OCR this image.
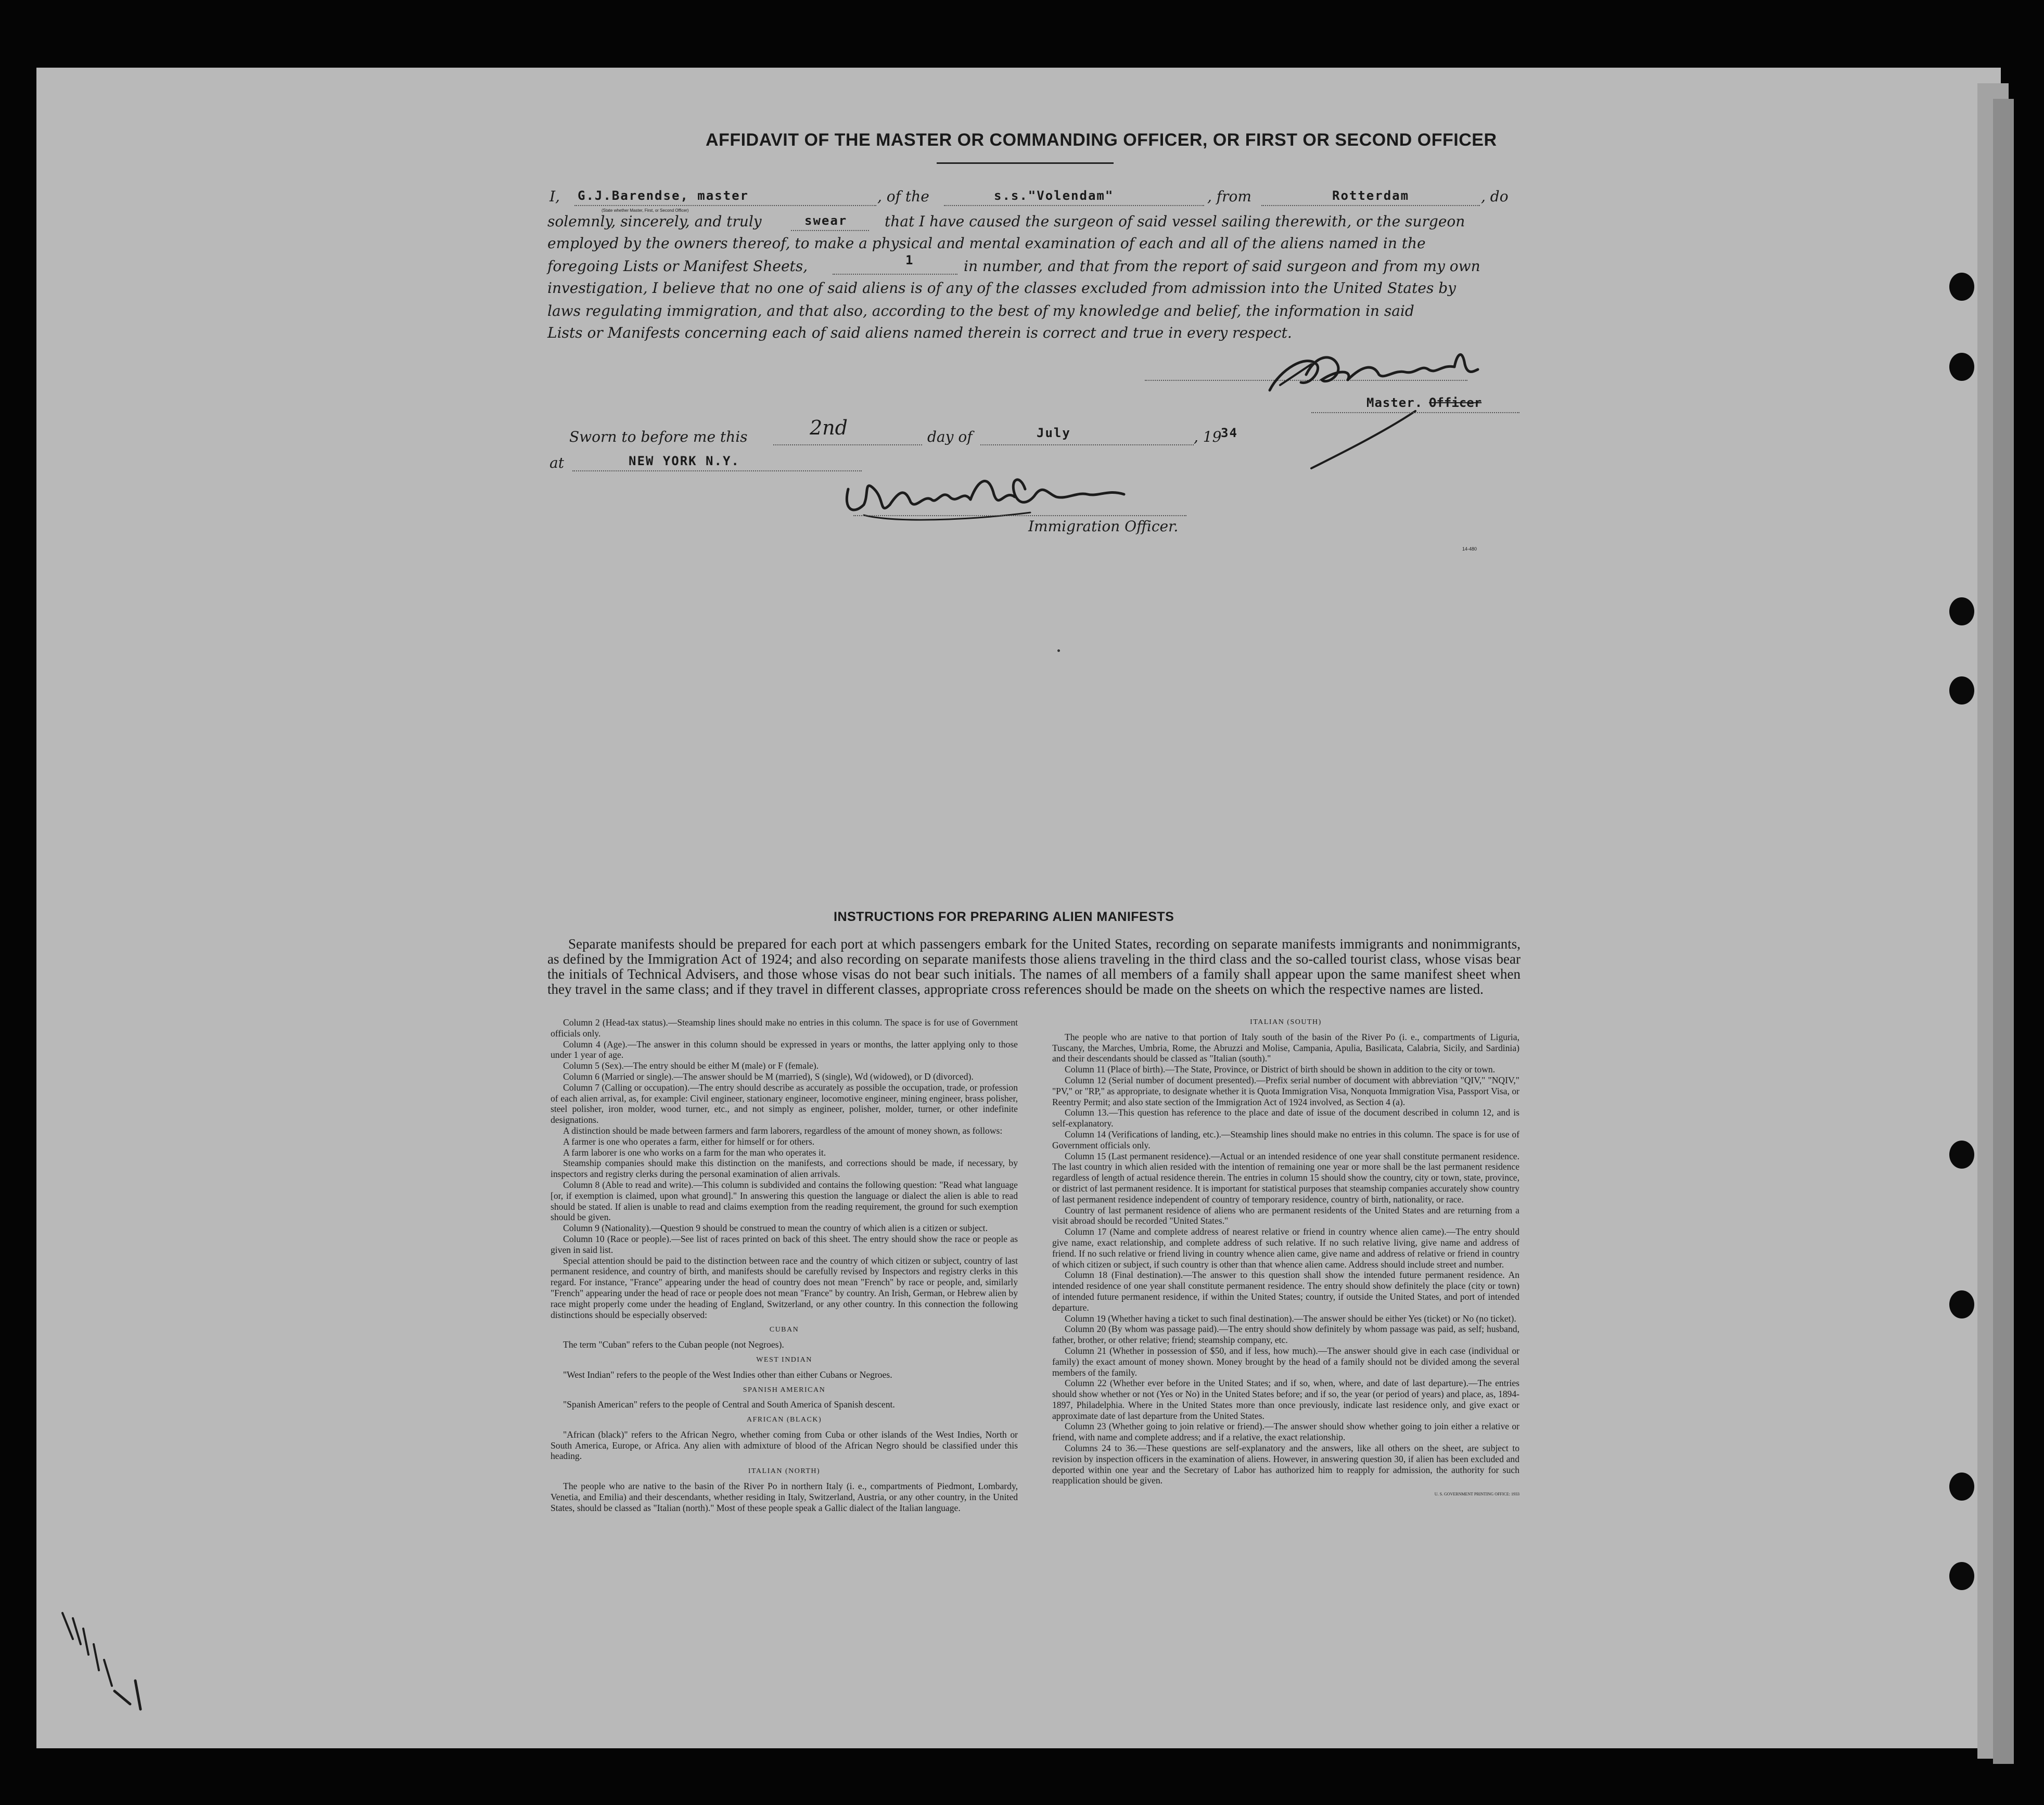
AFFIDAVIT OF THE MASTER OR COMMANDING OFFICER, OR FIRST OR SECOND OFFICER
I, G.J.Barendse, master
(State whether Master, First, or Second Officer)
, of the	s.s."Volendam"	, from	Rotterdam	, do
solemnly, sincerely, and truly	swear	that I have caused the surgeon of said vessel sailing therewith, or the surgeon
employed by the owners thereof, to make a physical and mental examination of each and all of the aliens named in the
foregoing Lists or Manifest Sheets,	1	in number, and that from the report of said surgeon and from my own
investigation, I believe that no one of said aliens is of any of the classes excluded from admission into the United States by
laws regulating immigration, and that also, according to the best of my knowledge and belief, the information in said
Lists or Manifests concerning each of said aliens named therein is correct and true in every respect.
Master. Officer
Sworn to before me this	2nd	day of	July	, 19
34
at	NEW YORK N.Y.
Immigration Officer.
14-480
INSTRUCTIONS FOR PREPARING ALIEN MANIFESTS
Separate manifests should be prepared for each port at which passengers embark for the United States, recording on separate manifests immigrants and nonimmigrants, as defined by the Immigration Act of 1924; and also recording on separate manifests those aliens traveling in the third class and the so-called tourist class, whose visas bear the initials of Technical Advisers, and those whose visas do not bear such initials. The names of all members of a family shall appear upon the same manifest sheet when they travel in the same class; and if they travel in different classes, appropriate cross references should be made on the sheets on which the respective names are listed.

Column 2 (Head-tax status).—Steamship lines should make no entries in this column. The space is for use of Government officials only.

Column 4 (Age).—The answer in this column should be expressed in years or months, the latter applying only to those under 1 year of age.

Column 5 (Sex).—The entry should be either M (male) or F (female).

Column 6 (Married or single).—The answer should be M (married), S (single), Wd (widowed), or D (divorced).

Column 7 (Calling or occupation).—The entry should describe as accurately as possible the occupation, trade, or profession of each alien arrival, as, for example: Civil engineer, stationary engineer, locomotive engineer, mining engineer, brass polisher, steel polisher, iron molder, wood turner, etc., and not simply as engineer, polisher, molder, turner, or other indefinite designations.

A distinction should be made between farmers and farm laborers, regardless of the amount of money shown, as follows:

A farmer is one who operates a farm, either for himself or for others.

A farm laborer is one who works on a farm for the man who operates it.

Steamship companies should make this distinction on the manifests, and corrections should be made, if necessary, by inspectors and registry clerks during the personal examination of alien arrivals.

Column 8 (Able to read and write).—This column is subdivided and contains the following question: "Read what language [or, if exemption is claimed, upon what ground]." In answering this question the language or dialect the alien is able to read should be stated. If alien is unable to read and claims exemption from the reading requirement, the ground for such exemption should be given.

Column 9 (Nationality).—Question 9 should be construed to mean the country of which alien is a citizen or subject.

Column 10 (Race or people).—See list of races printed on back of this sheet. The entry should show the race or people as given in said list.

Special attention should be paid to the distinction between race and the country of which citizen or subject, country of last permanent residence, and country of birth, and manifests should be carefully revised by Inspectors and registry clerks in this regard. For instance, "France" appearing under the head of country does not mean "French" by race or people, and, similarly "French" appearing under the head of race or people does not mean "France" by country. An Irish, German, or Hebrew alien by race might properly come under the heading of England, Switzerland, or any other country. In this connection the following distinctions should be especially observed:

CUBAN

The term "Cuban" refers to the Cuban people (not Negroes).

WEST INDIAN

"West Indian" refers to the people of the West Indies other than either Cubans or Negroes.

SPANISH AMERICAN

"Spanish American" refers to the people of Central and South America of Spanish descent.

AFRICAN (BLACK)

"African (black)" refers to the African Negro, whether coming from Cuba or other islands of the West Indies, North or South America, Europe, or Africa. Any alien with admixture of blood of the African Negro should be classified under this heading.

ITALIAN (NORTH)

The people who are native to the basin of the River Po in northern Italy (i. e., compartments of Piedmont, Lombardy, Venetia, and Emilia) and their descendants, whether residing in Italy, Switzerland, Austria, or any other country, in the United States, should be classed as "Italian (north)." Most of these people speak a Gallic dialect of the Italian language.

ITALIAN (SOUTH)

The people who are native to that portion of Italy south of the basin of the River Po (i. e., compartments of Liguria, Tuscany, the Marches, Umbria, Rome, the Abruzzi and Molise, Campania, Apulia, Basilicata, Calabria, Sicily, and Sardinia) and their descendants should be classed as "Italian (south)."

Column 11 (Place of birth).—The State, Province, or District of birth should be shown in addition to the city or town.

Column 12 (Serial number of document presented).—Prefix serial number of document with abbreviation "QIV," "NQIV," "PV," or "RP," as appropriate, to designate whether it is Quota Immigration Visa, Nonquota Immigration Visa, Passport Visa, or Reentry Permit; and also state section of the Immigration Act of 1924 involved, as Section 4 (a).

Column 13.—This question has reference to the place and date of issue of the document described in column 12, and is self-explanatory.

Column 14 (Verifications of landing, etc.).—Steamship lines should make no entries in this column. The space is for use of Government officials only.

Column 15 (Last permanent residence).—Actual or an intended residence of one year shall constitute permanent residence. The last country in which alien resided with the intention of remaining one year or more shall be the last permanent residence regardless of length of actual residence therein. The entries in column 15 should show the country, city or town, state, province, or district of last permanent residence. It is important for statistical purposes that steamship companies accurately show country of last permanent residence independent of country of temporary residence, country of birth, nationality, or race.

Country of last permanent residence of aliens who are permanent residents of the United States and are returning from a visit abroad should be recorded "United States."

Column 17 (Name and complete address of nearest relative or friend in country whence alien came).—The entry should give name, exact relationship, and complete address of such relative. If no such relative living, give name and address of friend. If no such relative or friend living in country whence alien came, give name and address of relative or friend in country of which citizen or subject, if such country is other than that whence alien came. Address should include street and number.

Column 18 (Final destination).—The answer to this question shall show the intended future permanent residence. An intended residence of one year shall constitute permanent residence. The entry should show definitely the place (city or town) of intended future permanent residence, if within the United States; country, if outside the United States, and port of intended departure.

Column 19 (Whether having a ticket to such final destination).—The answer should be either Yes (ticket) or No (no ticket).

Column 20 (By whom was passage paid).—The entry should show definitely by whom passage was paid, as self; husband, father, brother, or other relative; friend; steamship company, etc.

Column 21 (Whether in possession of $50, and if less, how much).—The answer should give in each case (individual or family) the exact amount of money shown. Money brought by the head of a family should not be divided among the several members of the family.

Column 22 (Whether ever before in the United States; and if so, when, where, and date of last departure).—The entries should show whether or not (Yes or No) in the United States before; and if so, the year (or period of years) and place, as, 1894-1897, Philadelphia. Where in the United States more than once previously, indicate last residence only, and give exact or approximate date of last departure from the United States.

Column 23 (Whether going to join relative or friend).—The answer should show whether going to join either a relative or friend, with name and complete address; and if a relative, the exact relationship.

Columns 24 to 36.—These questions are self-explanatory and the answers, like all others on the sheet, are subject to revision by inspection officers in the examination of aliens. However, in answering question 30, if alien has been excluded and deported within one year and the Secretary of Labor has authorized him to reapply for admission, the authority for such reapplication should be given.

U. S. GOVERNMENT PRINTING OFFICE: 1933
